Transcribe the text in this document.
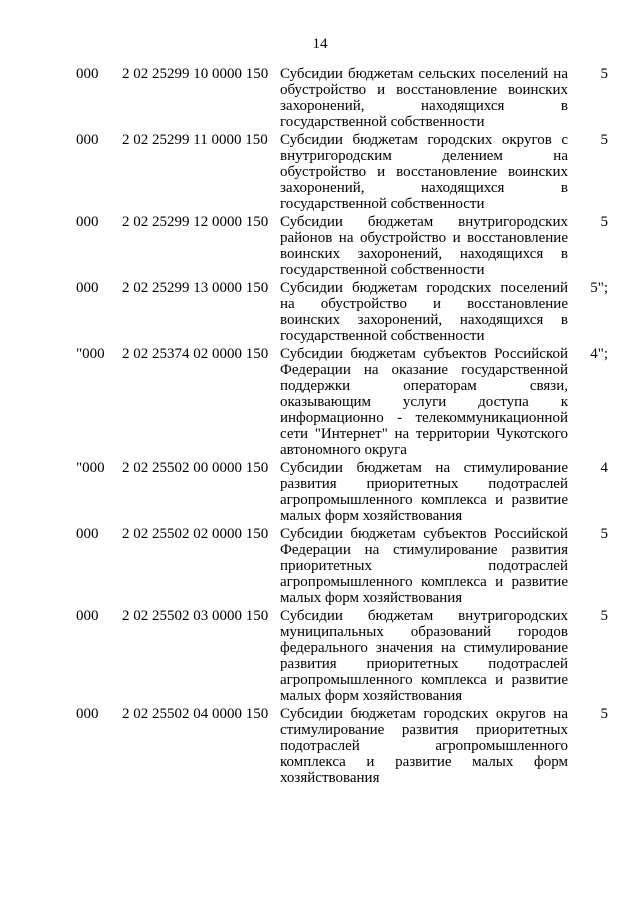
14
000	2 02 25299 10 0000 150 Субсидии бюджетам сельских поселений на
обустройство и восстановление воинских
захоронений, находящихся в
государственной собственности
5
000	2 02 25299 11 0000 150 Субсидии бюджетам городских округов с
внутригородским делением на
обустройство и восстановление воинских
захоронений, находящихся в
государственной собственности
5
000	2 02 25299 12 0000 150 Субсидии бюджетам внутригородских
районов на обустройство и восстановление
воинских захоронений, находящихся в
государственной собственности
5
000	2 02 25299 13 0000 150 Субсидии бюджетам городских поселений
на обустройство и восстановление
воинских захоронений, находящихся в
государственной собственности
5";
"000	2 02 25374 02 0000 150 Субсидии бюджетам субъектов Российской
Федерации на оказание государственной
поддержки операторам связи,
оказывающим услуги доступа к
информационно - телекоммуникационной
сети "Интернет" на территории Чукотского
автономного округа
4";
"000	2 02 25502 00 0000 150 Субсидии бюджетам на стимулирование
развития приоритетных подотраслей
агропромышленного комплекса и развитие
малых форм хозяйствования
4
000	2 02 25502 02 0000 150 Субсидии бюджетам субъектов Российской
Федерации на стимулирование развития
приоритетных подотраслей
агропромышленного комплекса и развитие
малых форм хозяйствования
5
000	2 02 25502 03 0000 150 Субсидии бюджетам внутригородских
муниципальных образований городов
федерального значения на стимулирование
развития приоритетных подотраслей
агропромышленного комплекса и развитие
малых форм хозяйствования
5
000	2 02 25502 04 0000 150 Субсидии бюджетам городских округов на
стимулирование развития приоритетных
подотраслей агропромышленного
комплекса и развитие малых форм
хозяйствования
5
